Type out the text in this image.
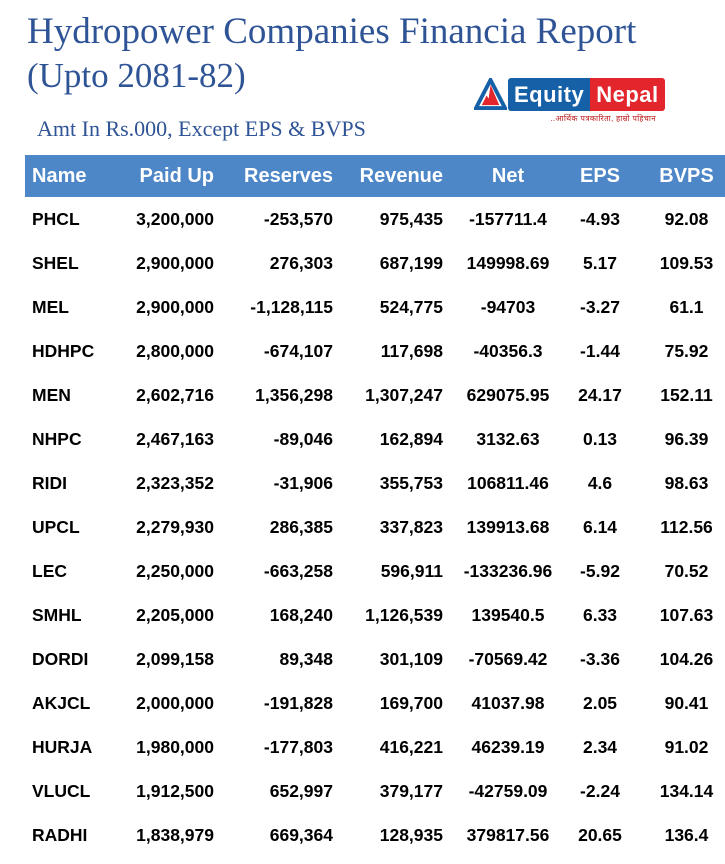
Hydropower Companies Financia Report
(Upto 2081-82)	Equity Nepal
..आर्थिक पत्रकारिता, हाम्रो पहिचान
Amt In Rs.000, Except EPS & BVPS
Name	Paid Up	Reserves	Revenue	Net	EPS	BVPS
PHCL	3,200,000	-253,570	975,435	-157711.4	-4.93	92.08
SHEL	2,900,000	276,303	687,199	149998.69	5.17	109.53
MEL	2,900,000	-1,128,115	524,775	-94703	-3.27	61.1
HDHPC	2,800,000	-674,107	117,698	-40356.3	-1.44	75.92
MEN	2,602,716	1,356,298	1,307,247	629075.95	24.17	152.11
NHPC	2,467,163	-89,046	162,894	3132.63	0.13	96.39
RIDI	2,323,352	-31,906	355,753	106811.46	4.6	98.63
UPCL	2,279,930	286,385	337,823	139913.68	6.14	112.56
LEC	2,250,000	-663,258	596,911	-133236.96	-5.92	70.52
SMHL	2,205,000	168,240	1,126,539	139540.5	6.33	107.63
DORDI	2,099,158	89,348	301,109	-70569.42	-3.36	104.26
AKJCL	2,000,000	-191,828	169,700	41037.98	2.05	90.41
HURJA	1,980,000	-177,803	416,221	46239.19	2.34	91.02
VLUCL	1,912,500	652,997	379,177	-42759.09	-2.24	134.14
RADHI	1,838,979	669,364	128,935	379817.56	20.65	136.4
